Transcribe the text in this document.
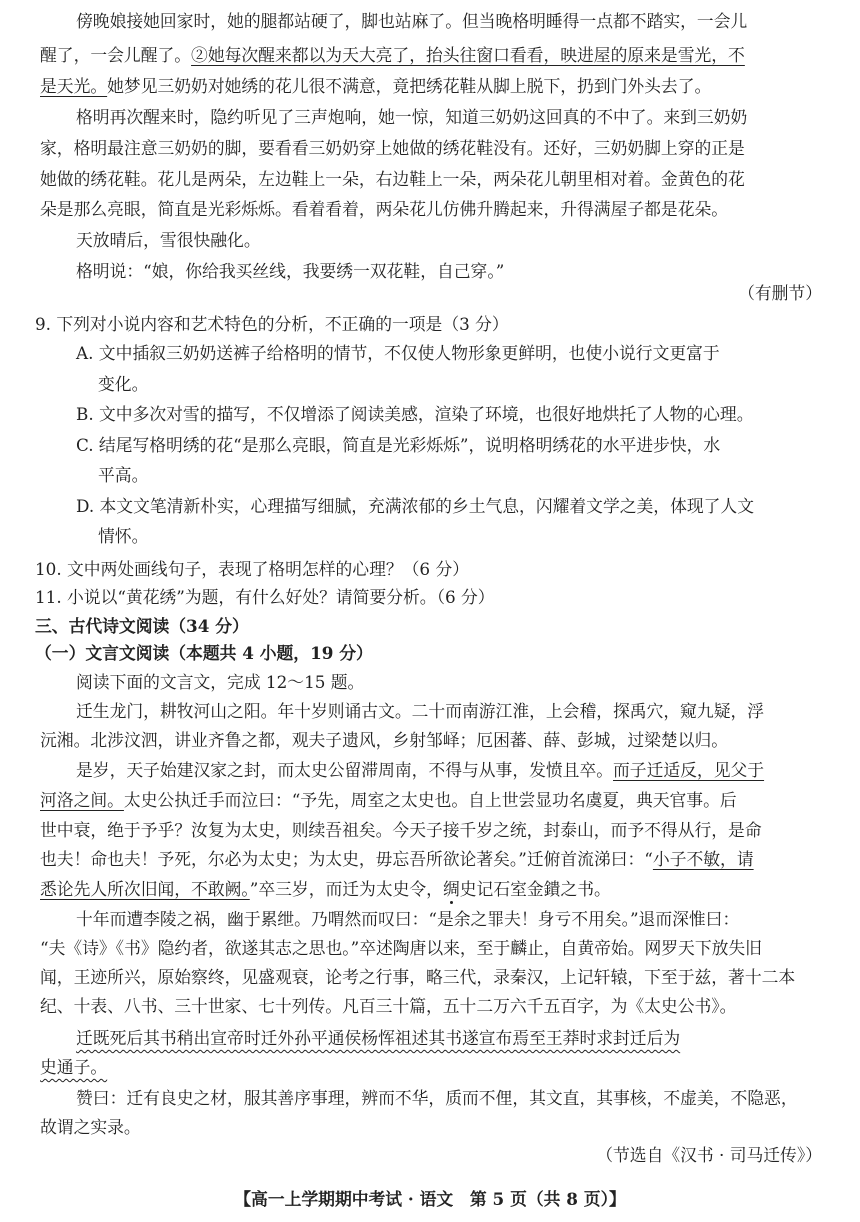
傍晚娘接她回家时，她的腿都站硬了，脚也站麻了。但当晚格明睡得一点都不踏实，一会儿
醒了，一会儿醒了。②她每次醒来都以为天大亮了，抬头往窗口看看，映进屋的原来是雪光，不
是天光。她梦见三奶奶对她绣的花儿很不满意，竟把绣花鞋从脚上脱下，扔到门外头去了。
格明再次醒来时，隐约听见了三声炮响，她一惊，知道三奶奶这回真的不中了。来到三奶奶
家，格明最注意三奶奶的脚，要看看三奶奶穿上她做的绣花鞋没有。还好，三奶奶脚上穿的正是
她做的绣花鞋。花儿是两朵，左边鞋上一朵，右边鞋上一朵，两朵花儿朝里相对着。金黄色的花
朵是那么亮眼，简直是光彩烁烁。看着看着，两朵花儿仿佛升腾起来，升得满屋子都是花朵。
天放晴后，雪很快融化。
格明说：“娘，你给我买丝线，我要绣一双花鞋，自己穿。”
（有删节）
9. 下列对小说内容和艺术特色的分析，不正确的一项是（3 分）
A. 文中插叙三奶奶送裤子给格明的情节，不仅使人物形象更鲜明，也使小说行文更富于
变化。
B. 文中多次对雪的描写，不仅增添了阅读美感，渲染了环境，也很好地烘托了人物的心理。
C. 结尾写格明绣的花“是那么亮眼，简直是光彩烁烁”，说明格明绣花的水平进步快，水
平高。
D. 本文文笔清新朴实，心理描写细腻，充满浓郁的乡土气息，闪耀着文学之美，体现了人文
情怀。
10. 文中两处画线句子，表现了格明怎样的心理？（6 分）
11. 小说以“黄花绣”为题，有什么好处？请简要分析。（6 分）
三、古代诗文阅读（34 分）
（一）文言文阅读（本题共 4 小题，19 分）
阅读下面的文言文，完成 12～15 题。
迁生龙门，耕牧河山之阳。年十岁则诵古文。二十而南游江淮，上会稽，探禹穴，窥九疑，浮
沅湘。北涉汶泗，讲业齐鲁之都，观夫子遗风，乡射邹峄；厄困蕃、薛、彭城，过梁楚以归。
是岁，天子始建汉家之封，而太史公留滞周南，不得与从事，发愤且卒。而子迁适反，见父于
河洛之间。太史公执迁手而泣曰：“予先，周室之太史也。自上世尝显功名虞夏，典天官事。后
世中衰，绝于予乎？汝复为太史，则续吾祖矣。今天子接千岁之统，封泰山，而予不得从行，是命
也夫！命也夫！予死，尔必为太史；为太史，毋忘吾所欲论著矣。”迁俯首流涕曰：“小子不敏，请
悉论先人所次旧闻，不敢阙。”卒三岁，而迁为太史令，绸史记石室金鐀之书。
十年而遭李陵之祸，幽于累绁。乃喟然而叹曰：“是余之罪夫！身亏不用矣。”退而深惟曰：
“夫《诗》《书》隐约者，欲遂其志之思也。”卒述陶唐以来，至于麟止，自黄帝始。网罗天下放失旧
闻，王迹所兴，原始察终，见盛观衰，论考之行事，略三代，录秦汉，上记轩辕，下至于兹，著十二本
纪、十表、八书、三十世家、七十列传。凡百三十篇，五十二万六千五百字，为《太史公书》。
迁既死后其书稍出宣帝时迁外孙平通侯杨恽祖述其书遂宣布焉至王莽时求封迁后为
史通子。
赞曰：迁有良史之材，服其善序事理，辨而不华，质而不俚，其文直，其事核，不虚美，不隐恶，
故谓之实录。
（节选自《汉书 · 司马迁传》）
【高一上学期期中考试 · 语文　第 5 页（共 8 页）】
